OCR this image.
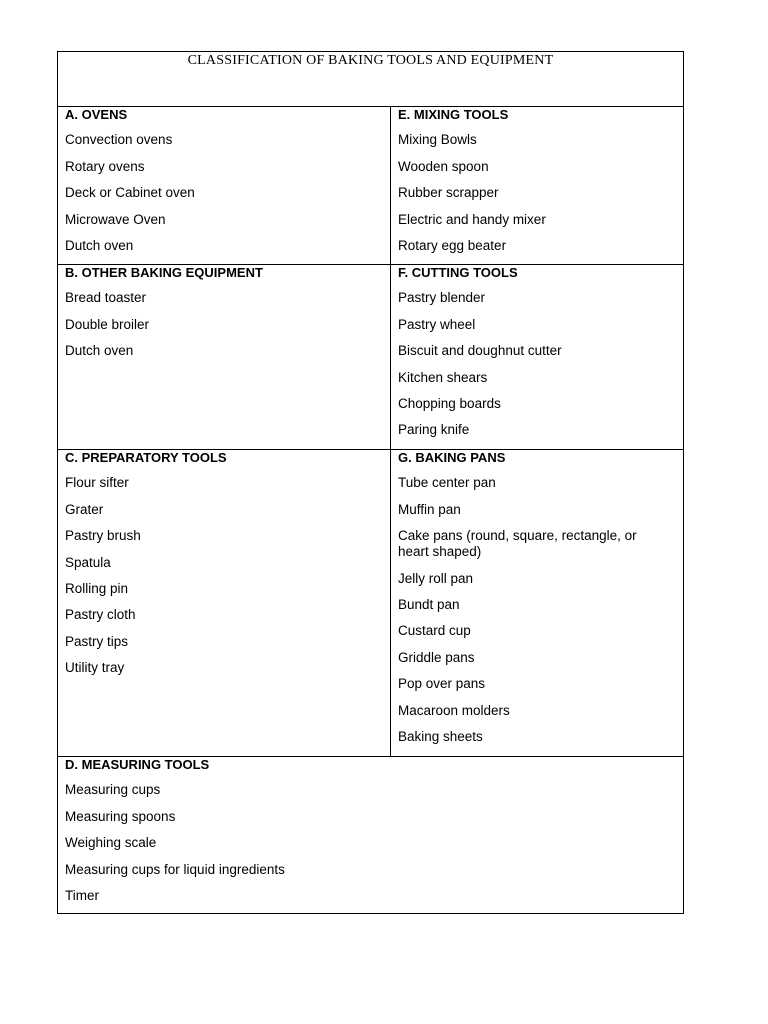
CLASSIFICATION OF BAKING TOOLS AND EQUIPMENT
A. OVENS
Convection ovens
Rotary ovens
Deck or Cabinet oven
Microwave Oven
Dutch oven
B. OTHER BAKING EQUIPMENT
Bread toaster
Double broiler
Dutch oven
C. PREPARATORY TOOLS
Flour sifter
Grater
Pastry brush
Spatula
Rolling pin
Pastry cloth
Pastry tips
Utility tray
D. MEASURING TOOLS
Measuring cups
Measuring spoons
Weighing scale
Measuring cups for liquid ingredients
Timer
E. MIXING TOOLS
Mixing Bowls
Wooden spoon
Rubber scrapper
Electric and handy mixer
Rotary egg beater
F. CUTTING TOOLS
Pastry blender
Pastry wheel
Biscuit and doughnut cutter
Kitchen shears
Chopping boards
Paring knife
G. BAKING PANS
Tube center pan
Muffin pan
Cake pans (round, square, rectangle, or heart shaped)
Jelly roll pan
Bundt pan
Custard cup
Griddle pans
Pop over pans
Macaroon molders
Baking sheets
